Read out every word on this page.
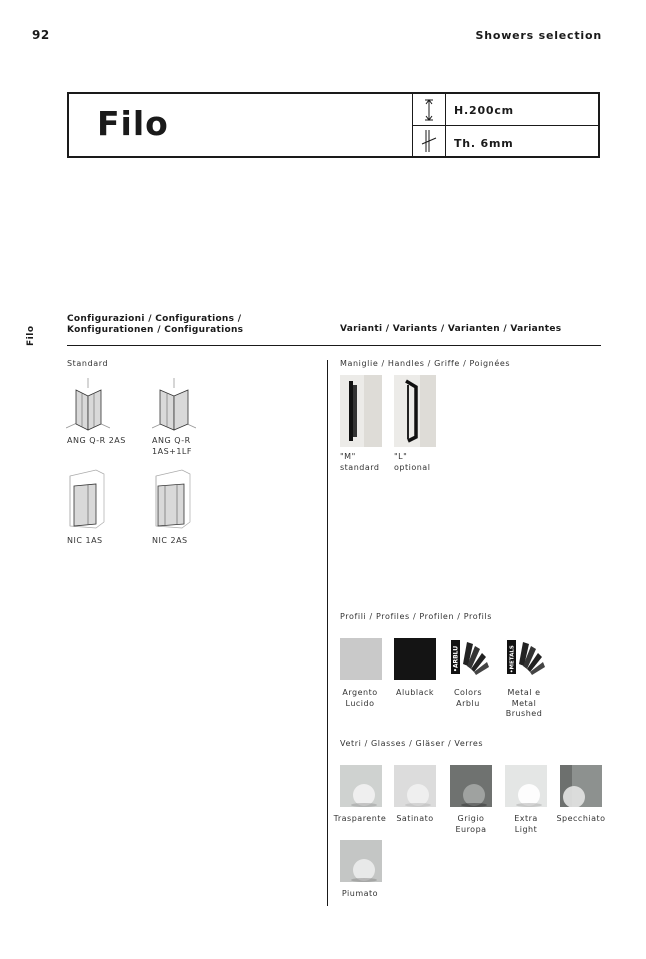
92	Showers selection
Filo
Filo	H.200cm
Th. 6mm
Configurazioni / Configurations /
Konfigurationen / Configurations	Varianti / Variants / Varianten / Variantes
Standard
ANG Q-R 2AS	ANG Q-R
1AS+1LF
NIC 1AS	NIC 2AS
Maniglie / Handles / Griffe / Poignées
"M"
standard
"L"
optional
Profili / Profiles / Profilen / Profils
•ARBLU	•METALS
Argento
Lucido
Alublack	Colors
Arblu
Metal e
Metal
Brushed
Vetri / Glasses / Gläser / Verres
Trasparente	Satinato	Grigio
Europa
Extra
Light
Specchiato
Piumato
